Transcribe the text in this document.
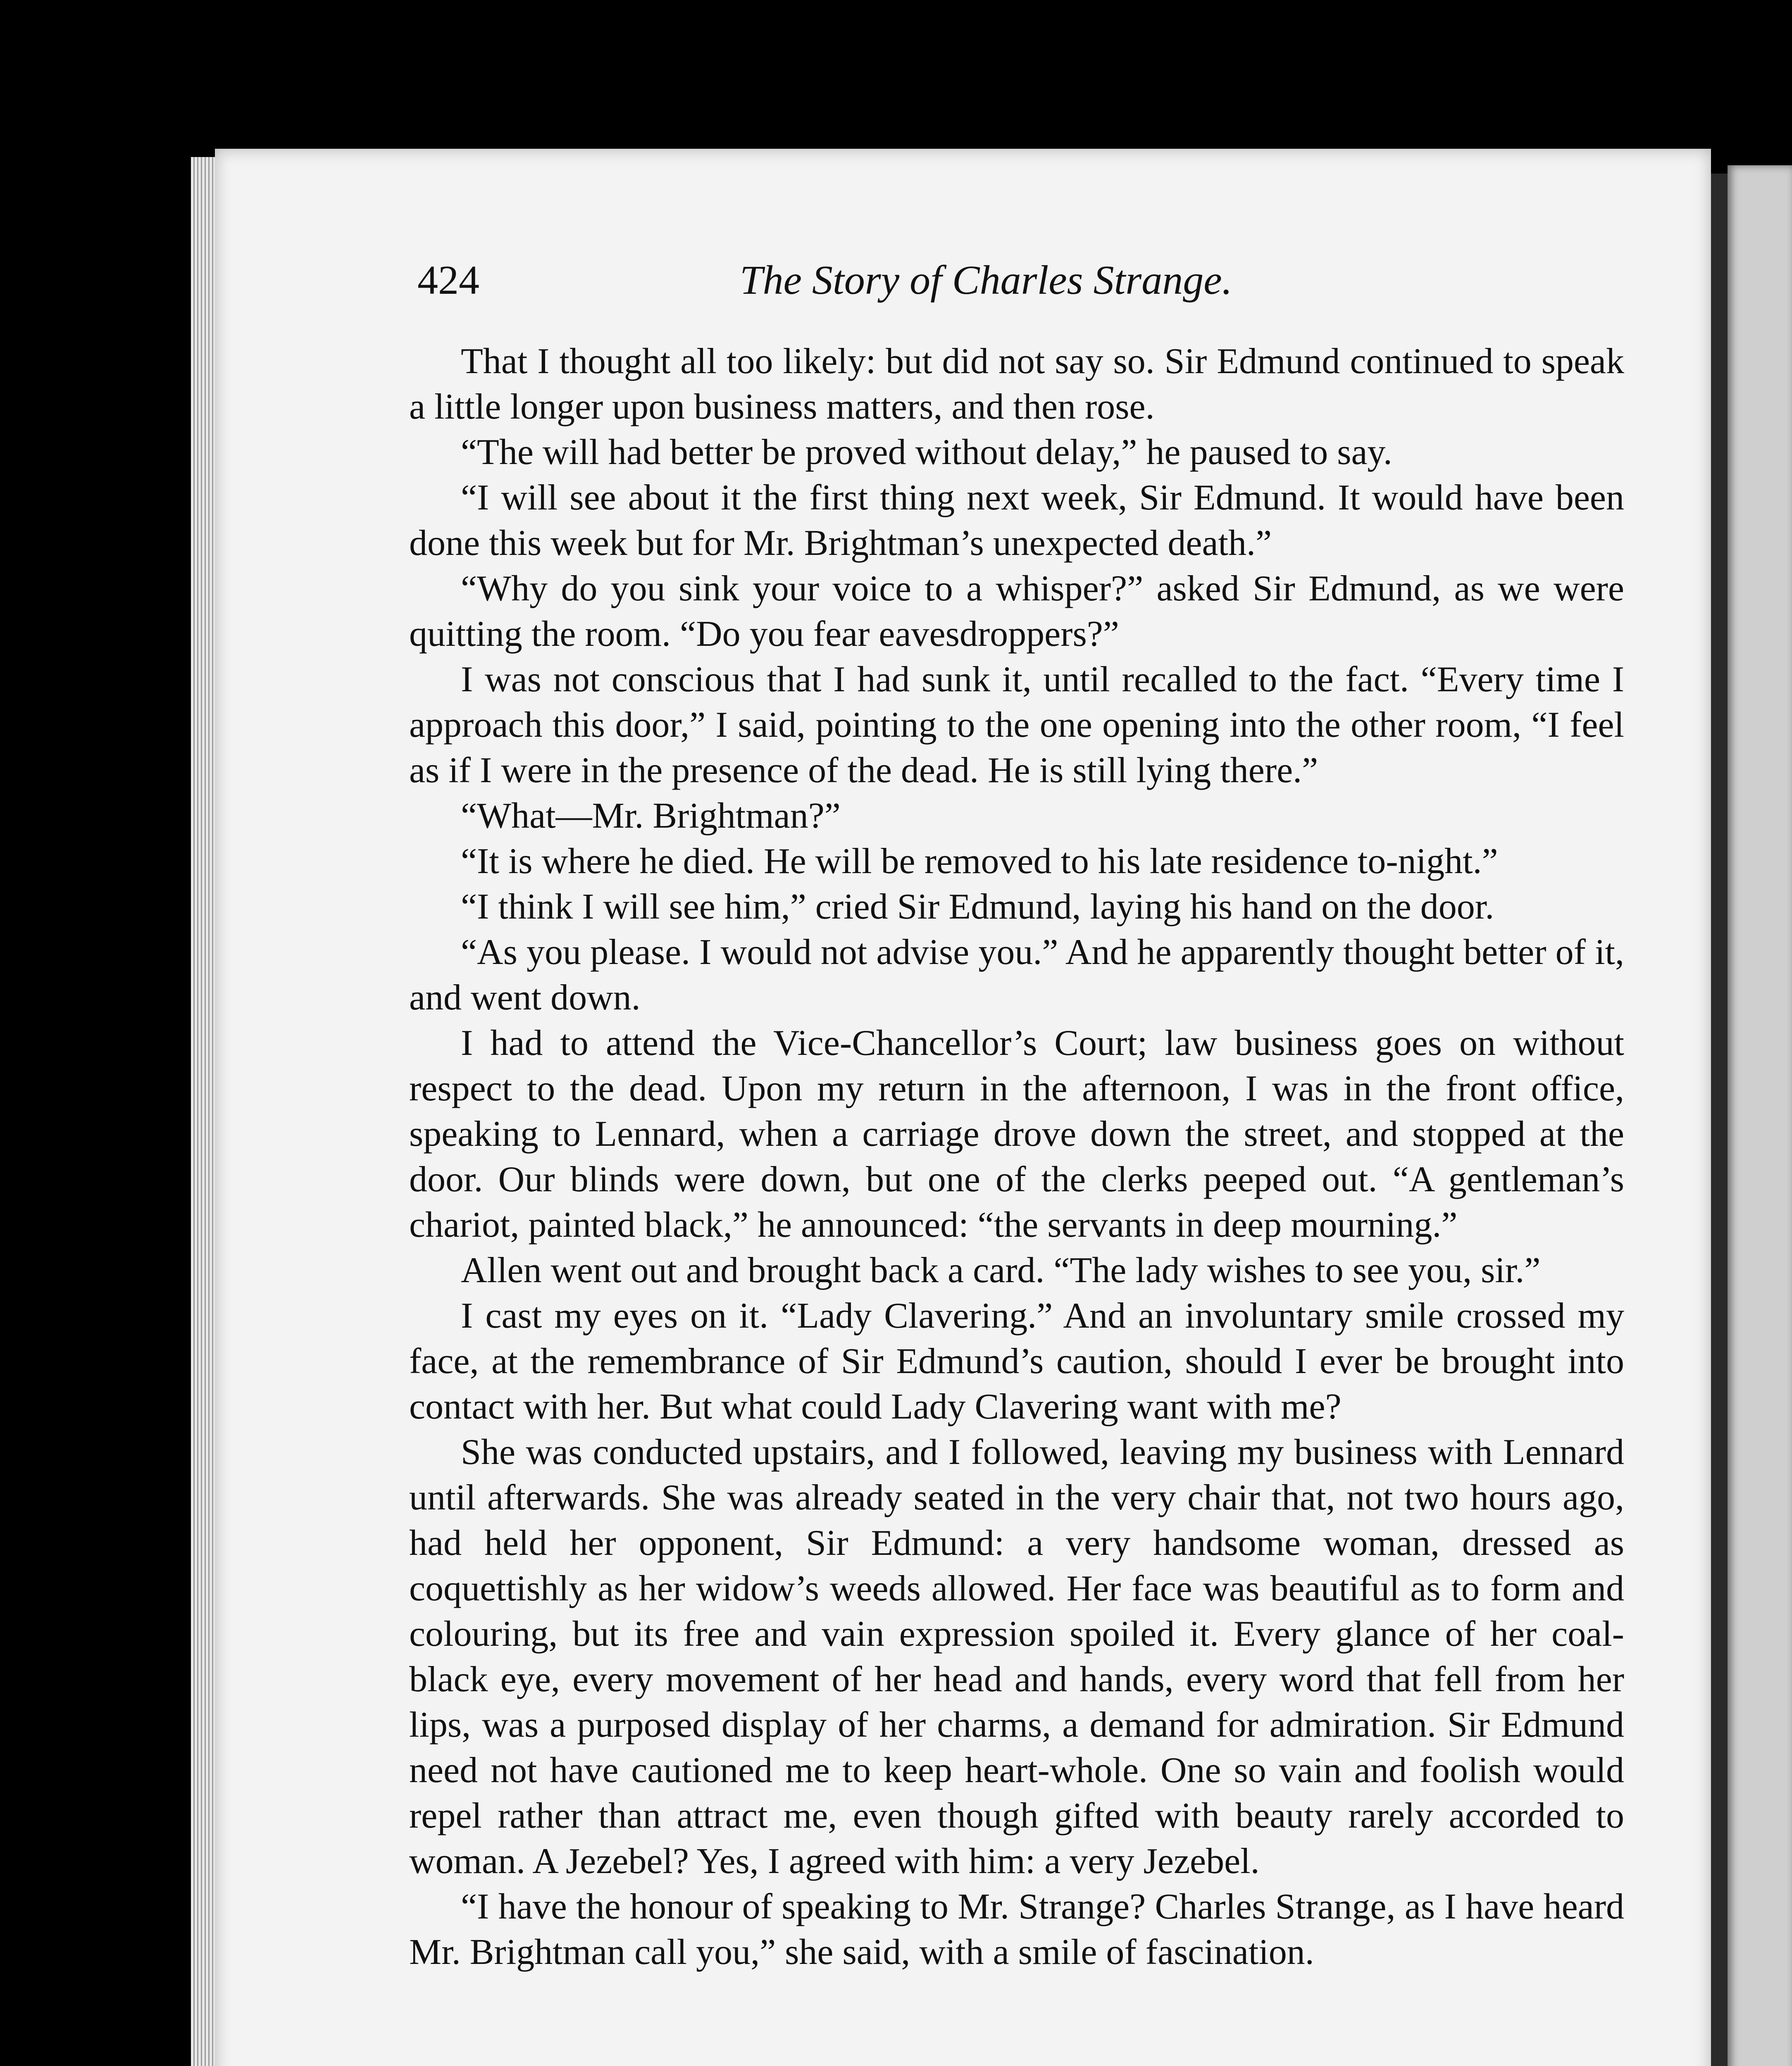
424	The Story of Charles Strange.

That I thought all too likely: but did not say so. Sir Edmund continued to speak a little longer upon business matters, and then rose.

“The will had better be proved without delay,” he paused to say.

“I will see about it the first thing next week, Sir Edmund. It would have been done this week but for Mr. Brightman’s unexpected death.”

“Why do you sink your voice to a whisper?” asked Sir Edmund, as we were quitting the room. “Do you fear eavesdroppers?”

I was not conscious that I had sunk it, until recalled to the fact. “Every time I approach this door,” I said, pointing to the one opening into the other room, “I feel as if I were in the presence of the dead. He is still lying there.”

“What—Mr. Brightman?”

“It is where he died. He will be removed to his late residence to-night.”

“I think I will see him,” cried Sir Edmund, laying his hand on the door.

“As you please. I would not advise you.” And he apparently thought better of it, and went down.

I had to attend the Vice-Chancellor’s Court; law business goes on without respect to the dead. Upon my return in the afternoon, I was in the front office, speaking to Lennard, when a carriage drove down the street, and stopped at the door. Our blinds were down, but one of the clerks peeped out. “A gentleman’s chariot, painted black,” he announced: “the servants in deep mourning.”

Allen went out and brought back a card. “The lady wishes to see you, sir.”

I cast my eyes on it. “Lady Clavering.” And an involuntary smile crossed my face, at the remembrance of Sir Edmund’s caution, should I ever be brought into contact with her. But what could Lady Clavering want with me?

She was conducted upstairs, and I followed, leaving my business with Lennard until afterwards. She was already seated in the very chair that, not two hours ago, had held her opponent, Sir Edmund: a very handsome woman, dressed as coquettishly as her widow’s weeds allowed. Her face was beautiful as to form and colouring, but its free and vain expression spoiled it. Every glance of her coal-black eye, every movement of her head and hands, every word that fell from her lips, was a purposed display of her charms, a demand for admiration. Sir Edmund need not have cautioned me to keep heart-whole. One so vain and foolish would repel rather than attract me, even though gifted with beauty rarely accorded to woman. A Jezebel? Yes, I agreed with him: a very Jezebel.

“I have the honour of speaking to Mr. Strange? Charles Strange, as I have heard Mr. Brightman call you,” she said, with a smile of fascination.
